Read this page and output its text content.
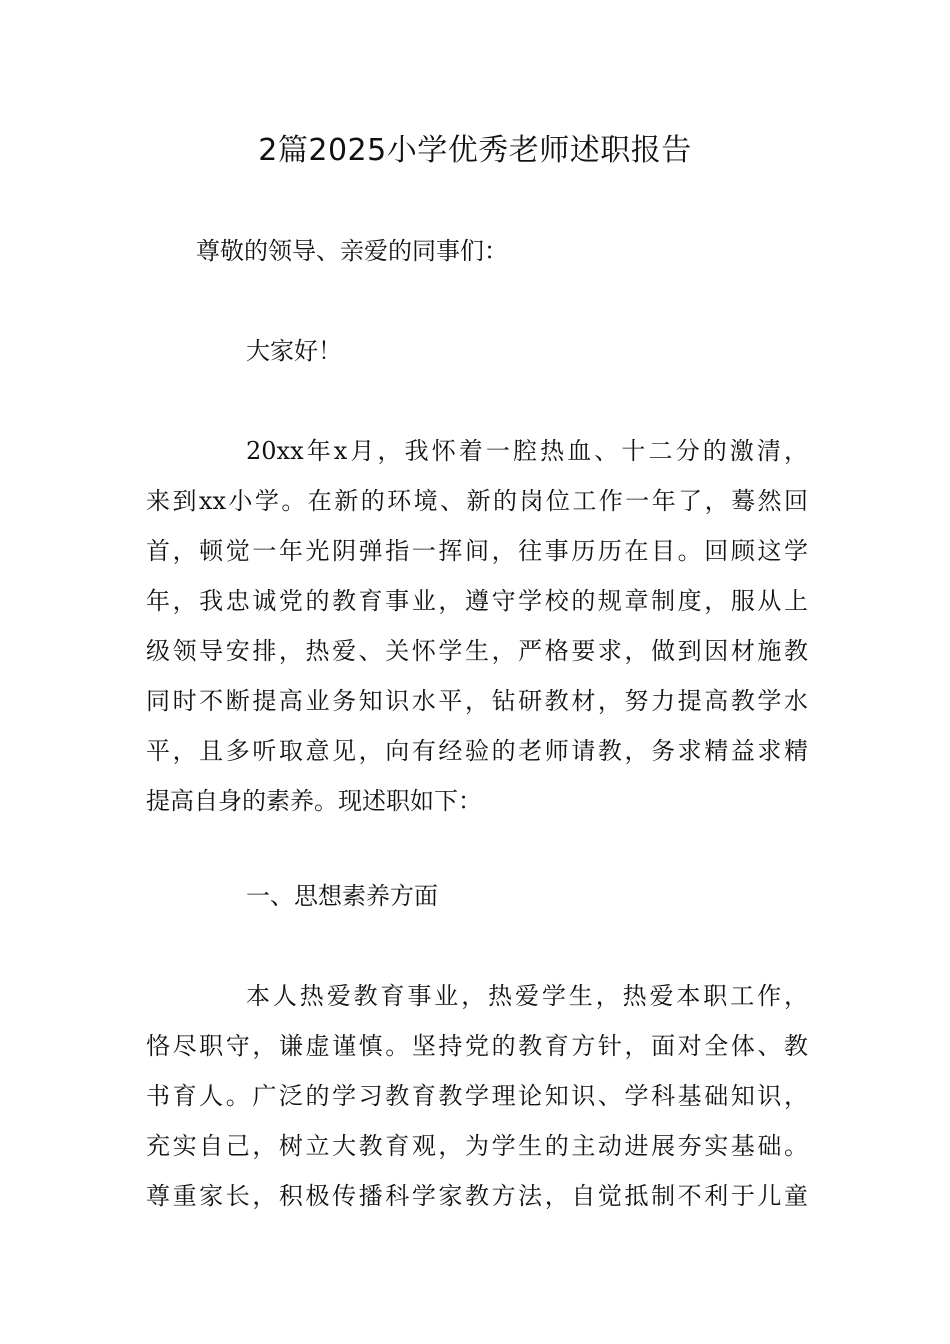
2篇2025小学优秀老师述职报告

尊敬的领导、亲爱的同事们：

大家好！

20xx年x月，我怀着一腔热血、十二分的激清，

来到xx小学。在新的环境、新的岗位工作一年了，蓦然回

首，顿觉一年光阴弹指一挥间，往事历历在目。回顾这学

年，我忠诚党的教育事业，遵守学校的规章制度，服从上

级领导安排，热爱、关怀学生，严格要求，做到因材施教

同时不断提高业务知识水平，钻研教材，努力提高教学水

平，且多听取意见，向有经验的老师请教，务求精益求精

提高自身的素养。现述职如下：

一、思想素养方面

本人热爱教育事业，热爱学生，热爱本职工作，

恪尽职守，谦虚谨慎。坚持党的教育方针，面对全体、教

书育人。广泛的学习教育教学理论知识、学科基础知识，

充实自己，树立大教育观，为学生的主动进展夯实基础。

尊重家长，积极传播科学家教方法，自觉抵制不利于儿童
